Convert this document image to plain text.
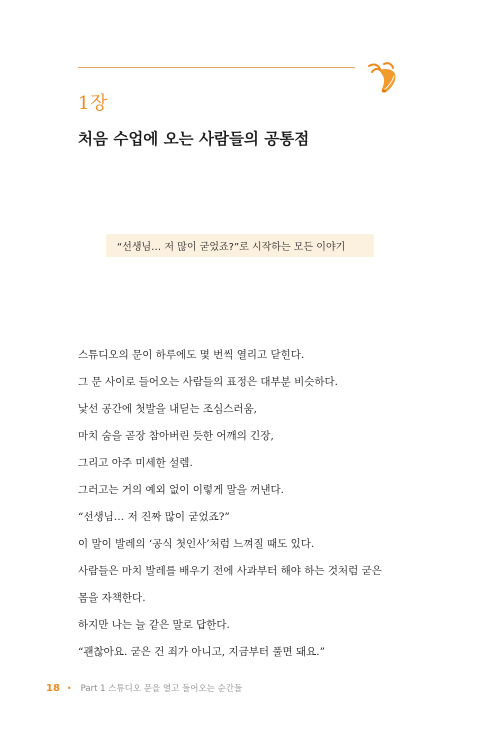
1장
처음 수업에 오는 사람들의 공통점
“선생님… 저 많이 굳었죠?”로 시작하는 모든 이야기
스튜디오의 문이 하루에도 몇 번씩 열리고 닫힌다.
그 문 사이로 들어오는 사람들의 표정은 대부분 비슷하다.
낯선 공간에 첫발을 내딛는 조심스러움,
마치 숨을 곧장 참아버린 듯한 어깨의 긴장,
그리고 아주 미세한 설렘.
그러고는 거의 예외 없이 이렇게 말을 꺼낸다.
“선생님… 저 진짜 많이 굳었죠?”
이 말이 발레의 ‘공식 첫인사’처럼 느껴질 때도 있다.
사람들은 마치 발레를 배우기 전에 사과부터 해야 하는 것처럼 굳은
몸을 자책한다.
하지만 나는 늘 같은 말로 답한다.
“괜찮아요. 굳은 건 죄가 아니고, 지금부터 풀면 돼요.”
18 • Part 1 스튜디오 문을 열고 들어오는 순간들
